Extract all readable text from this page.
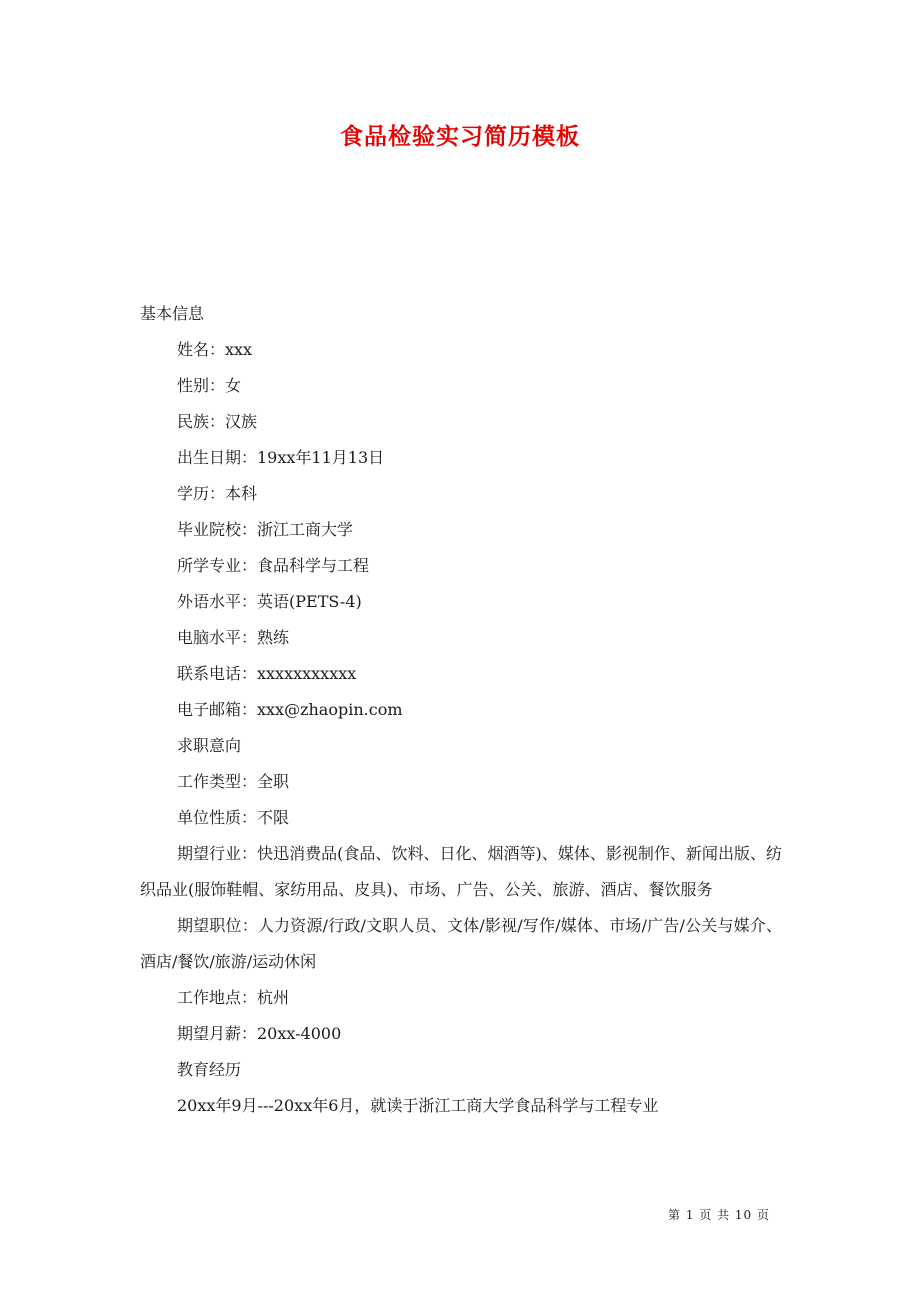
食品检验实习简历模板
基本信息
姓名：xxx
性别：女
民族：汉族
出生日期：19xx年11月13日
学历：本科
毕业院校：浙江工商大学
所学专业：食品科学与工程
外语水平：英语(PETS-4)
电脑水平：熟练
联系电话：xxxxxxxxxxx
电子邮箱：xxx@zhaopin.com
求职意向
工作类型：全职
单位性质：不限
期望行业：快迅消费品(食品、饮料、日化、烟酒等)、媒体、影视制作、新闻出版、纺织品业(服饰鞋帽、家纺用品、皮具)、市场、广告、公关、旅游、酒店、餐饮服务
期望职位：人力资源/行政/文职人员、文体/影视/写作/媒体、市场/广告/公关与媒介、酒店/餐饮/旅游/运动休闲
工作地点：杭州
期望月薪：20xx-4000
教育经历
20xx年9月---20xx年6月，就读于浙江工商大学食品科学与工程专业
第 1 页 共 10 页
